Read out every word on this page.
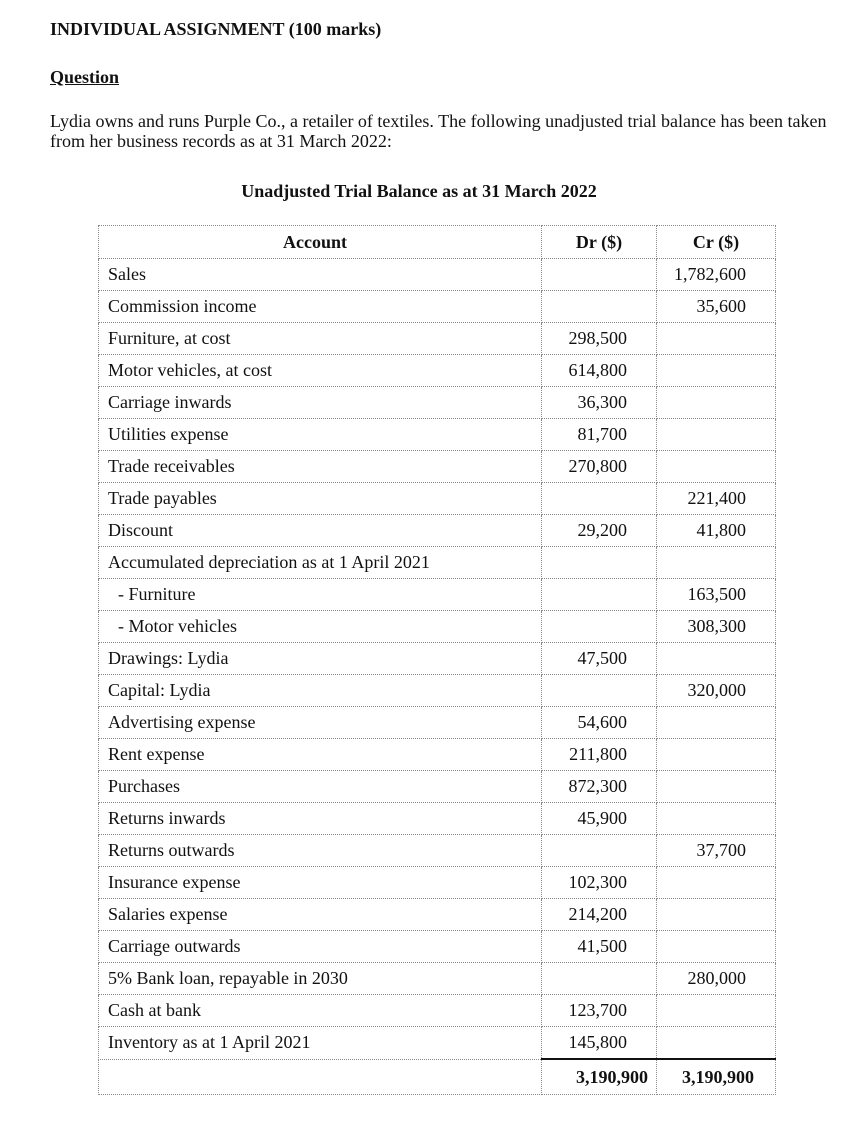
INDIVIDUAL ASSIGNMENT (100 marks)
Question

Lydia owns and runs Purple Co., a retailer of textiles. The following unadjusted trial balance has been taken from her business records as at 31 March 2022:

Unadjusted Trial Balance as at 31 March 2022
Account	Dr ($)	Cr ($)
Sales		1,782,600
Commission income		35,600
Furniture, at cost	298,500	
Motor vehicles, at cost	614,800	
Carriage inwards	36,300	
Utilities expense	81,700	
Trade receivables	270,800	
Trade payables		221,400
Discount	29,200	41,800
Accumulated depreciation as at 1 April 2021		
- Furniture		163,500
- Motor vehicles		308,300
Drawings: Lydia	47,500	
Capital: Lydia		320,000
Advertising expense	54,600	
Rent expense	211,800	
Purchases	872,300	
Returns inwards	45,900	
Returns outwards		37,700
Insurance expense	102,300	
Salaries expense	214,200	
Carriage outwards	41,500	
5% Bank loan, repayable in 2030		280,000
Cash at bank	123,700	
Inventory as at 1 April 2021	145,800	
	3,190,900	3,190,900
